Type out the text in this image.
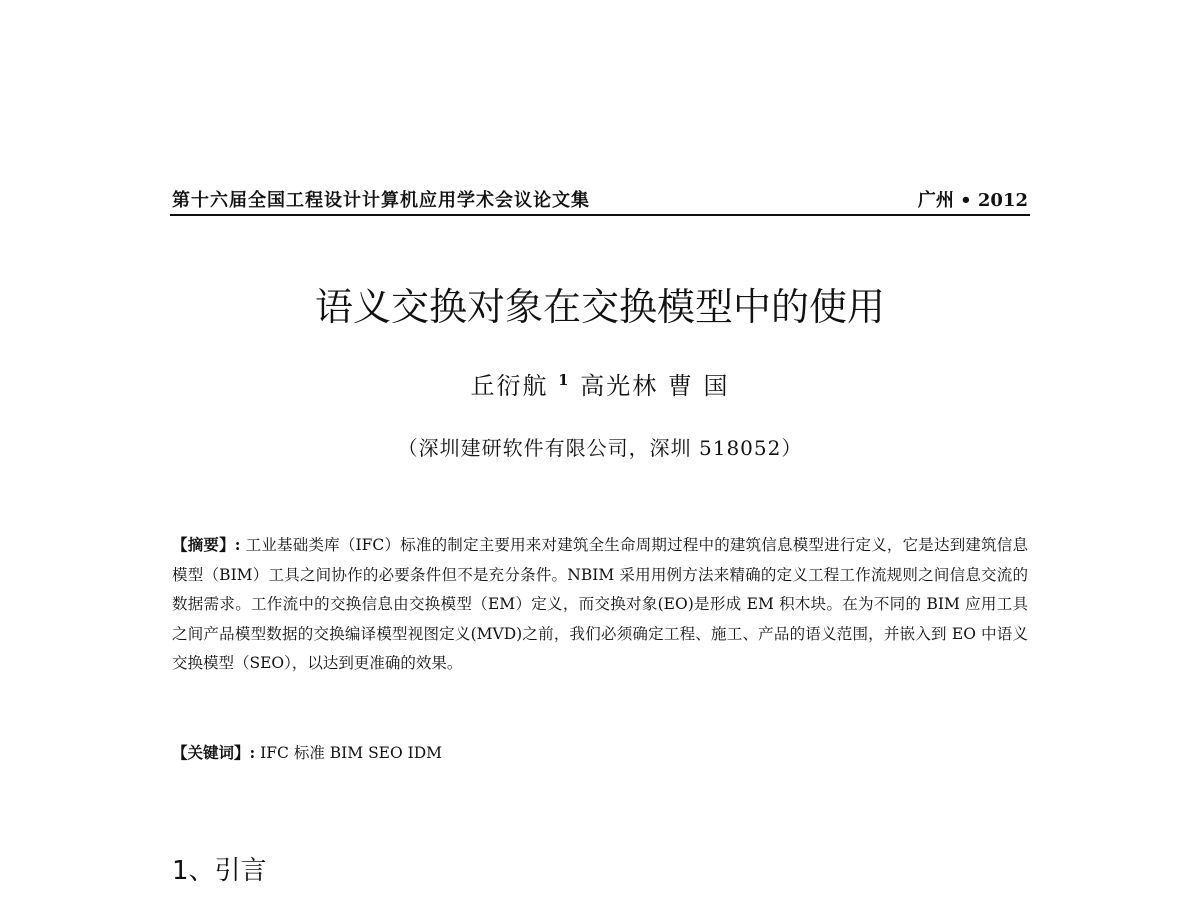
第十六届全国工程设计计算机应用学术会议论文集	广州 • 2012
语义交换对象在交换模型中的使用
丘衍航 $^1$ 高光林 曹 国
（深圳建研软件有限公司，深圳 518052）
【摘要】: 工业基础类库（IFC）标准的制定主要用来对建筑全生命周期过程中的建筑信息模型进行定义，它是达到建筑信息模型（BIM）工具之间协作的必要条件但不是充分条件。NBIM 采用用例方法来精确的定义工程工作流规则之间信息交流的数据需求。工作流中的交换信息由交换模型（EM）定义，而交换对象(EO)是形成 EM 积木块。在为不同的 BIM 应用工具之间产品模型数据的交换编译模型视图定义(MVD)之前，我们必须确定工程、施工、产品的语义范围，并嵌入到 EO 中语义交换模型（SEO），以达到更准确的效果。
【关键词】: IFC 标准 BIM SEO IDM
1、引言
